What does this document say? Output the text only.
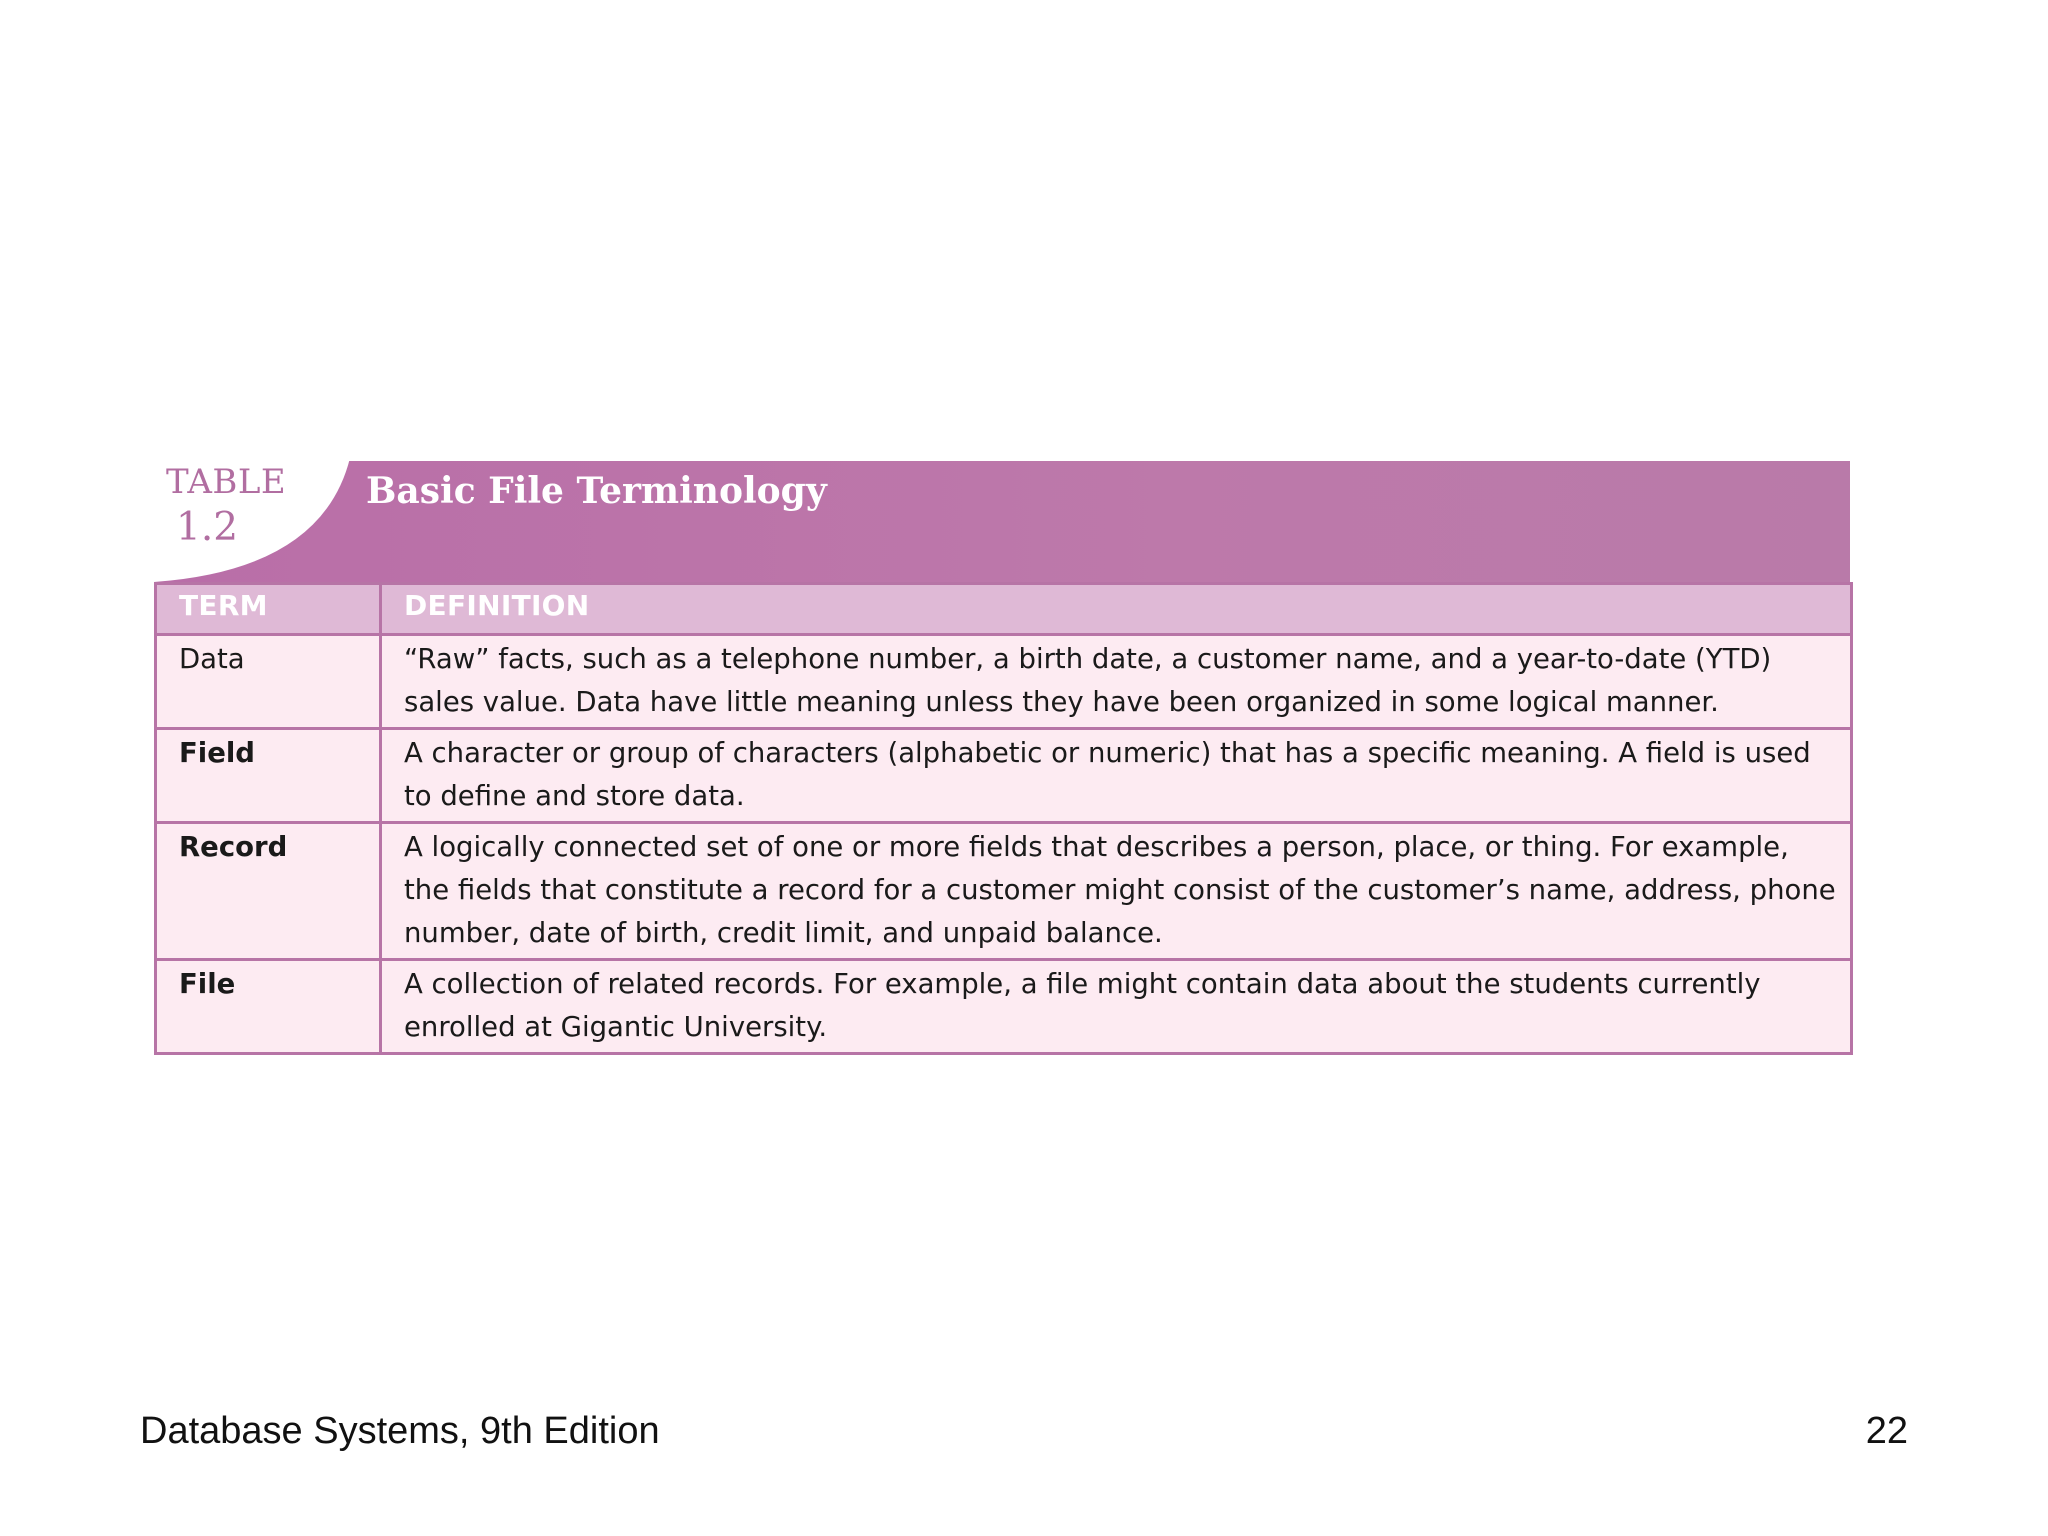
TABLE
1.2
Basic File Terminology
TERM	DEFINITION
Data	“Raw” facts, such as a telephone number, a birth date, a customer name, and a year-to-date (YTD) sales value. Data have little meaning unless they have been organized in some logical manner.
Field	A character or group of characters (alphabetic or numeric) that has a specific meaning. A field is used to define and store data.
Record	A logically connected set of one or more fields that describes a person, place, or thing. For example, the fields that constitute a record for a customer might consist of the customer’s name, address, phone number, date of birth, credit limit, and unpaid balance.
File	A collection of related records. For example, a file might contain data about the students currently enrolled at Gigantic University.
Database Systems, 9th Edition	22
